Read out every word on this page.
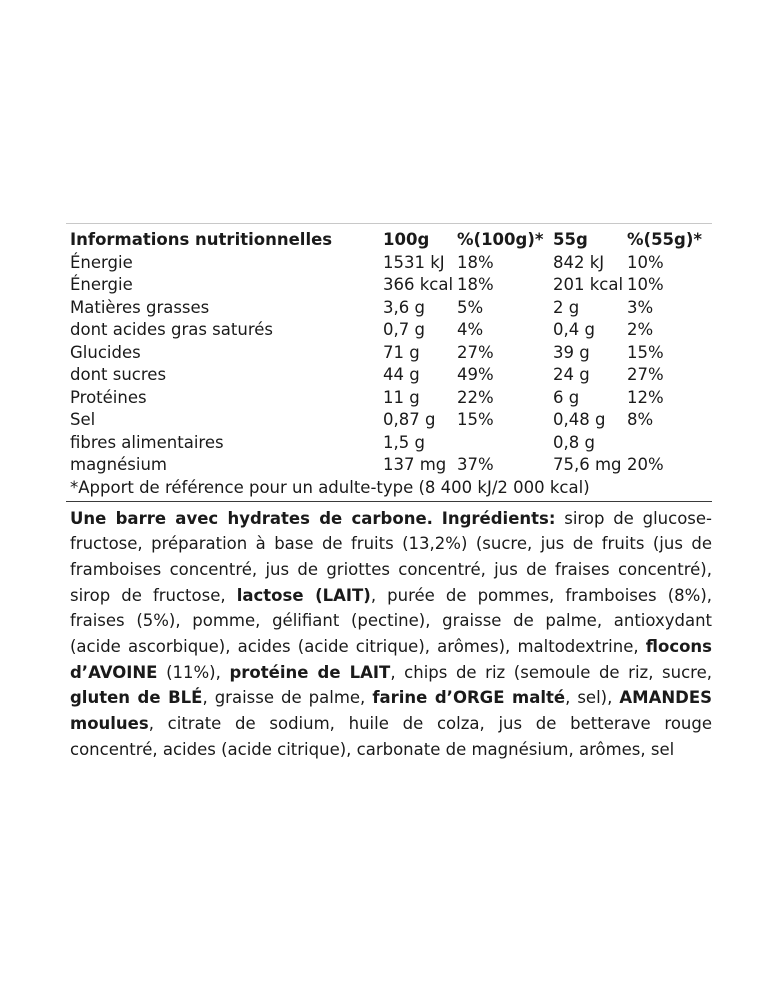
Informations nutritionnelles	100g	%(100g)*	55g	%(55g)*
Énergie	1531 kJ	18%	842 kJ	10%
Énergie	366 kcal	18%	201 kcal	10%
Matières grasses	3,6 g	5%	2 g	3%
dont acides gras saturés	0,7 g	4%	0,4 g	2%
Glucides	71 g	27%	39 g	15%
dont sucres	44 g	49%	24 g	27%
Protéines	11 g	22%	6 g	12%
Sel	0,87 g	15%	0,48 g	8%
fibres alimentaires	1,5 g		0,8 g	
magnésium	137 mg	37%	75,6 mg	20%
*Apport de référence pour un adulte-type (8 400 kJ/2 000 kcal)
Une barre avec hydrates de carbone. Ingrédients: sirop de glucose-fructose, préparation à base de fruits (13,2%) (sucre, jus de fruits (jus de framboises concentré, jus de griottes concentré, jus de fraises concentré), sirop de fructose, lactose (LAIT), purée de pommes, framboises (8%), fraises (5%), pomme, gélifiant (pectine), graisse de palme, antioxydant (acide ascorbique), acides (acide citrique), arômes), maltodextrine, flocons d’AVOINE (11%), protéine de LAIT, chips de riz (semoule de riz, sucre, gluten de BLÉ, graisse de palme, farine d’ORGE malté, sel), AMANDES moulues, citrate de sodium, huile de colza, jus de betterave rouge concentré, acides (acide citrique), carbonate de magnésium, arômes, sel
